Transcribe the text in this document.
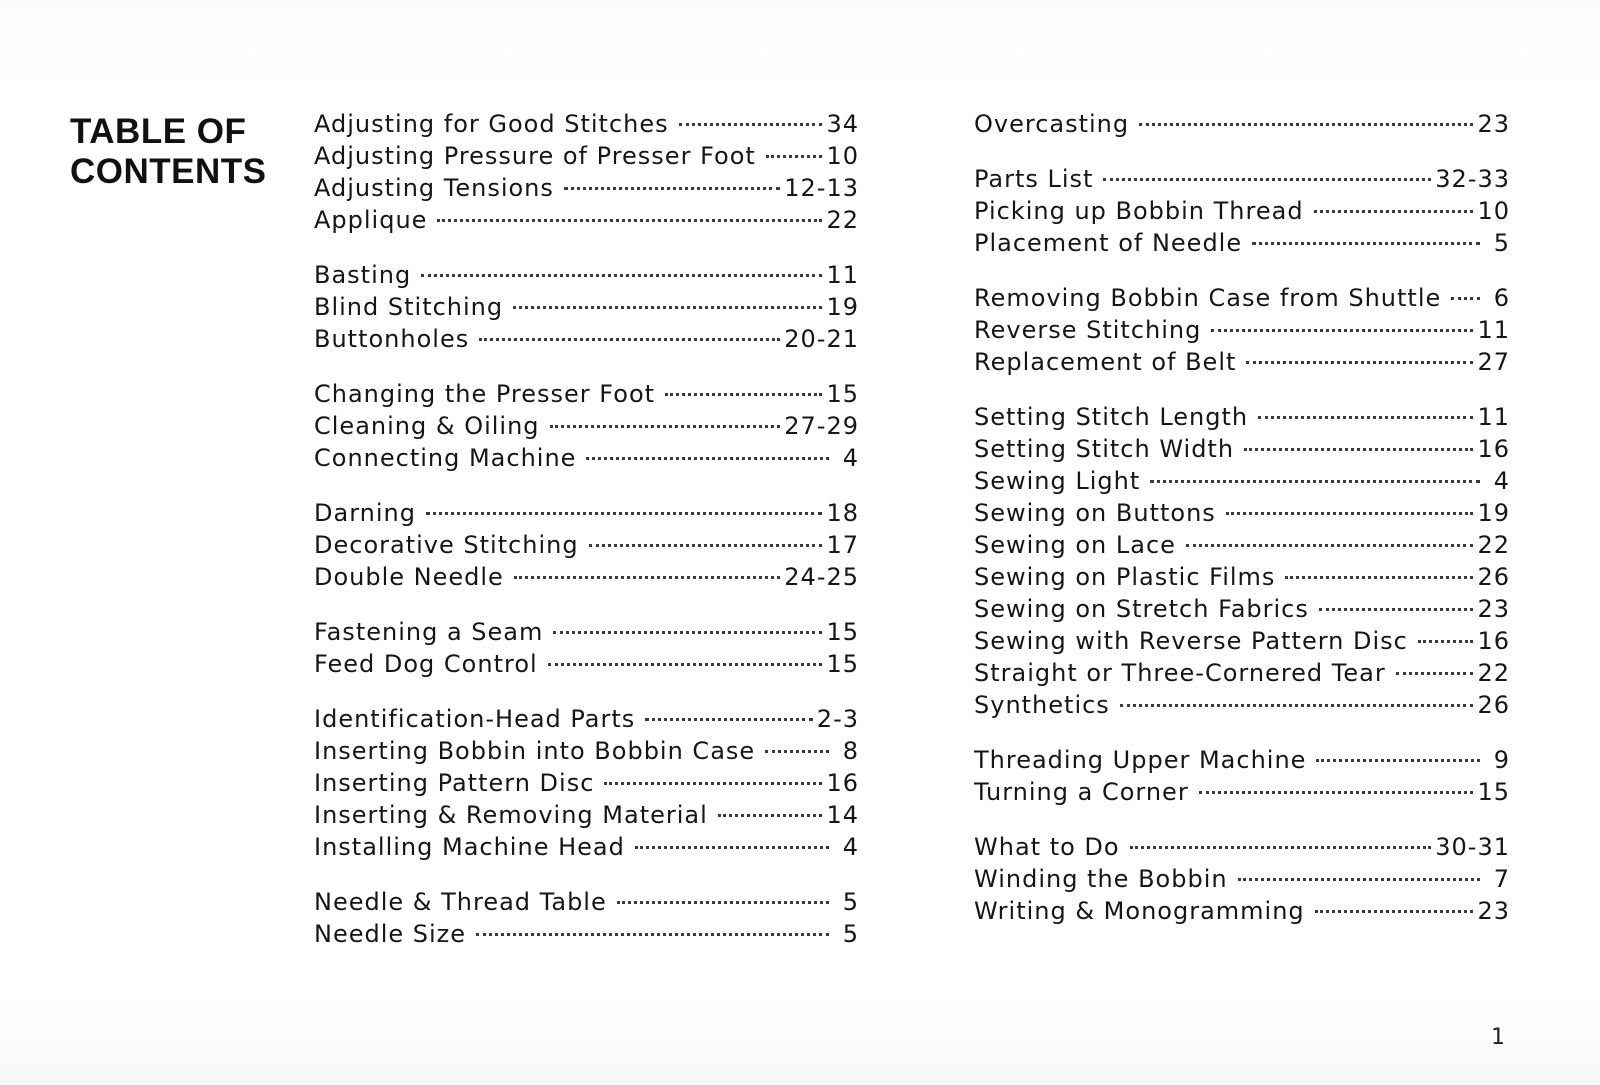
TABLE OF
CONTENTS
Adjusting for Good Stitches	34
Adjusting Pressure of Presser Foot	10
Adjusting Tensions	12-13
Applique	22
Basting	11
Blind Stitching	19
Buttonholes	20-21
Changing the Presser Foot	15
Cleaning & Oiling	27-29
Connecting Machine	4
Darning	18
Decorative Stitching	17
Double Needle	24-25
Fastening a Seam	15
Feed Dog Control	15
Identification-Head Parts	2-3
Inserting Bobbin into Bobbin Case	8
Inserting Pattern Disc	16
Inserting & Removing Material	14
Installing Machine Head	4
Needle & Thread Table	5
Needle Size	5
Overcasting	23
Parts List	32-33
Picking up Bobbin Thread	10
Placement of Needle	5
Removing Bobbin Case from Shuttle	6
Reverse Stitching	11
Replacement of Belt	27
Setting Stitch Length	11
Setting Stitch Width	16
Sewing Light	4
Sewing on Buttons	19
Sewing on Lace	22
Sewing on Plastic Films	26
Sewing on Stretch Fabrics	23
Sewing with Reverse Pattern Disc	16
Straight or Three-Cornered Tear	22
Synthetics	26
Threading Upper Machine	9
Turning a Corner	15
What to Do	30-31
Winding the Bobbin	7
Writing & Monogramming	23
1
